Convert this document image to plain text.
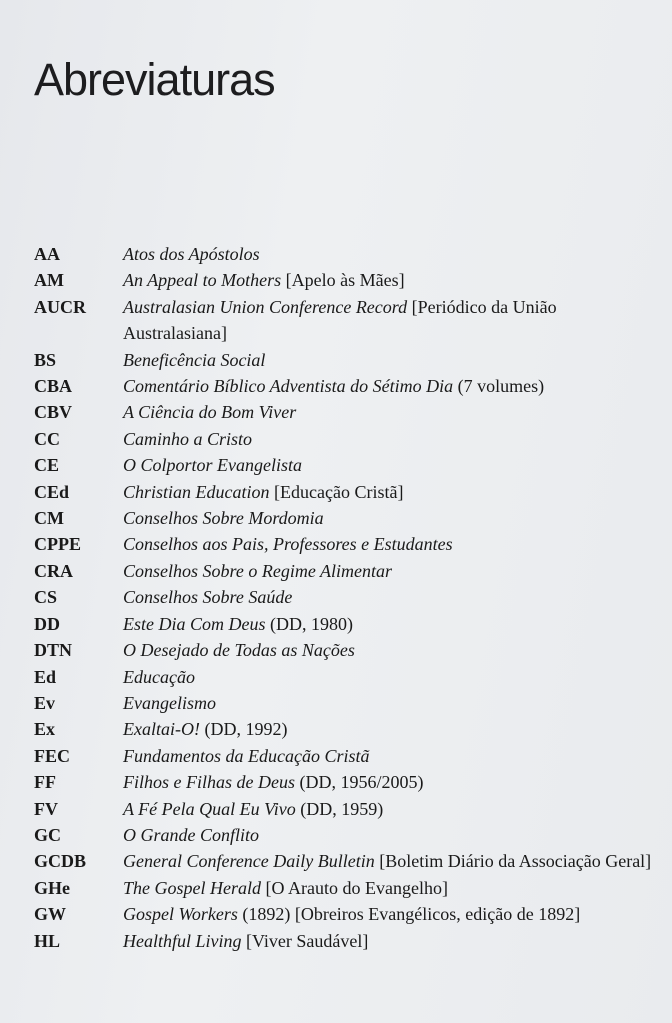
Abreviaturas
AA	Atos dos Apóstolos
AM	An Appeal to Mothers [Apelo às Mães]
AUCR	Australasian Union Conference Record [Periódico da União Australasiana]
BS	Beneficência Social
CBA	Comentário Bíblico Adventista do Sétimo Dia (7 volumes)
CBV	A Ciência do Bom Viver
CC	Caminho a Cristo
CE	O Colportor Evangelista
CEd	Christian Education [Educação Cristã]
CM	Conselhos Sobre Mordomia
CPPE	Conselhos aos Pais, Professores e Estudantes
CRA	Conselhos Sobre o Regime Alimentar
CS	Conselhos Sobre Saúde
DD	Este Dia Com Deus (DD, 1980)
DTN	O Desejado de Todas as Nações
Ed	Educação
Ev	Evangelismo
Ex	Exaltai-O! (DD, 1992)
FEC	Fundamentos da Educação Cristã
FF	Filhos e Filhas de Deus (DD, 1956/2005)
FV	A Fé Pela Qual Eu Vivo (DD, 1959)
GC	O Grande Conflito
GCDB	General Conference Daily Bulletin [Boletim Diário da Associação Geral]
GHe	The Gospel Herald [O Arauto do Evangelho]
GW	Gospel Workers (1892) [Obreiros Evangélicos, edição de 1892]
HL	Healthful Living [Viver Saudável]
